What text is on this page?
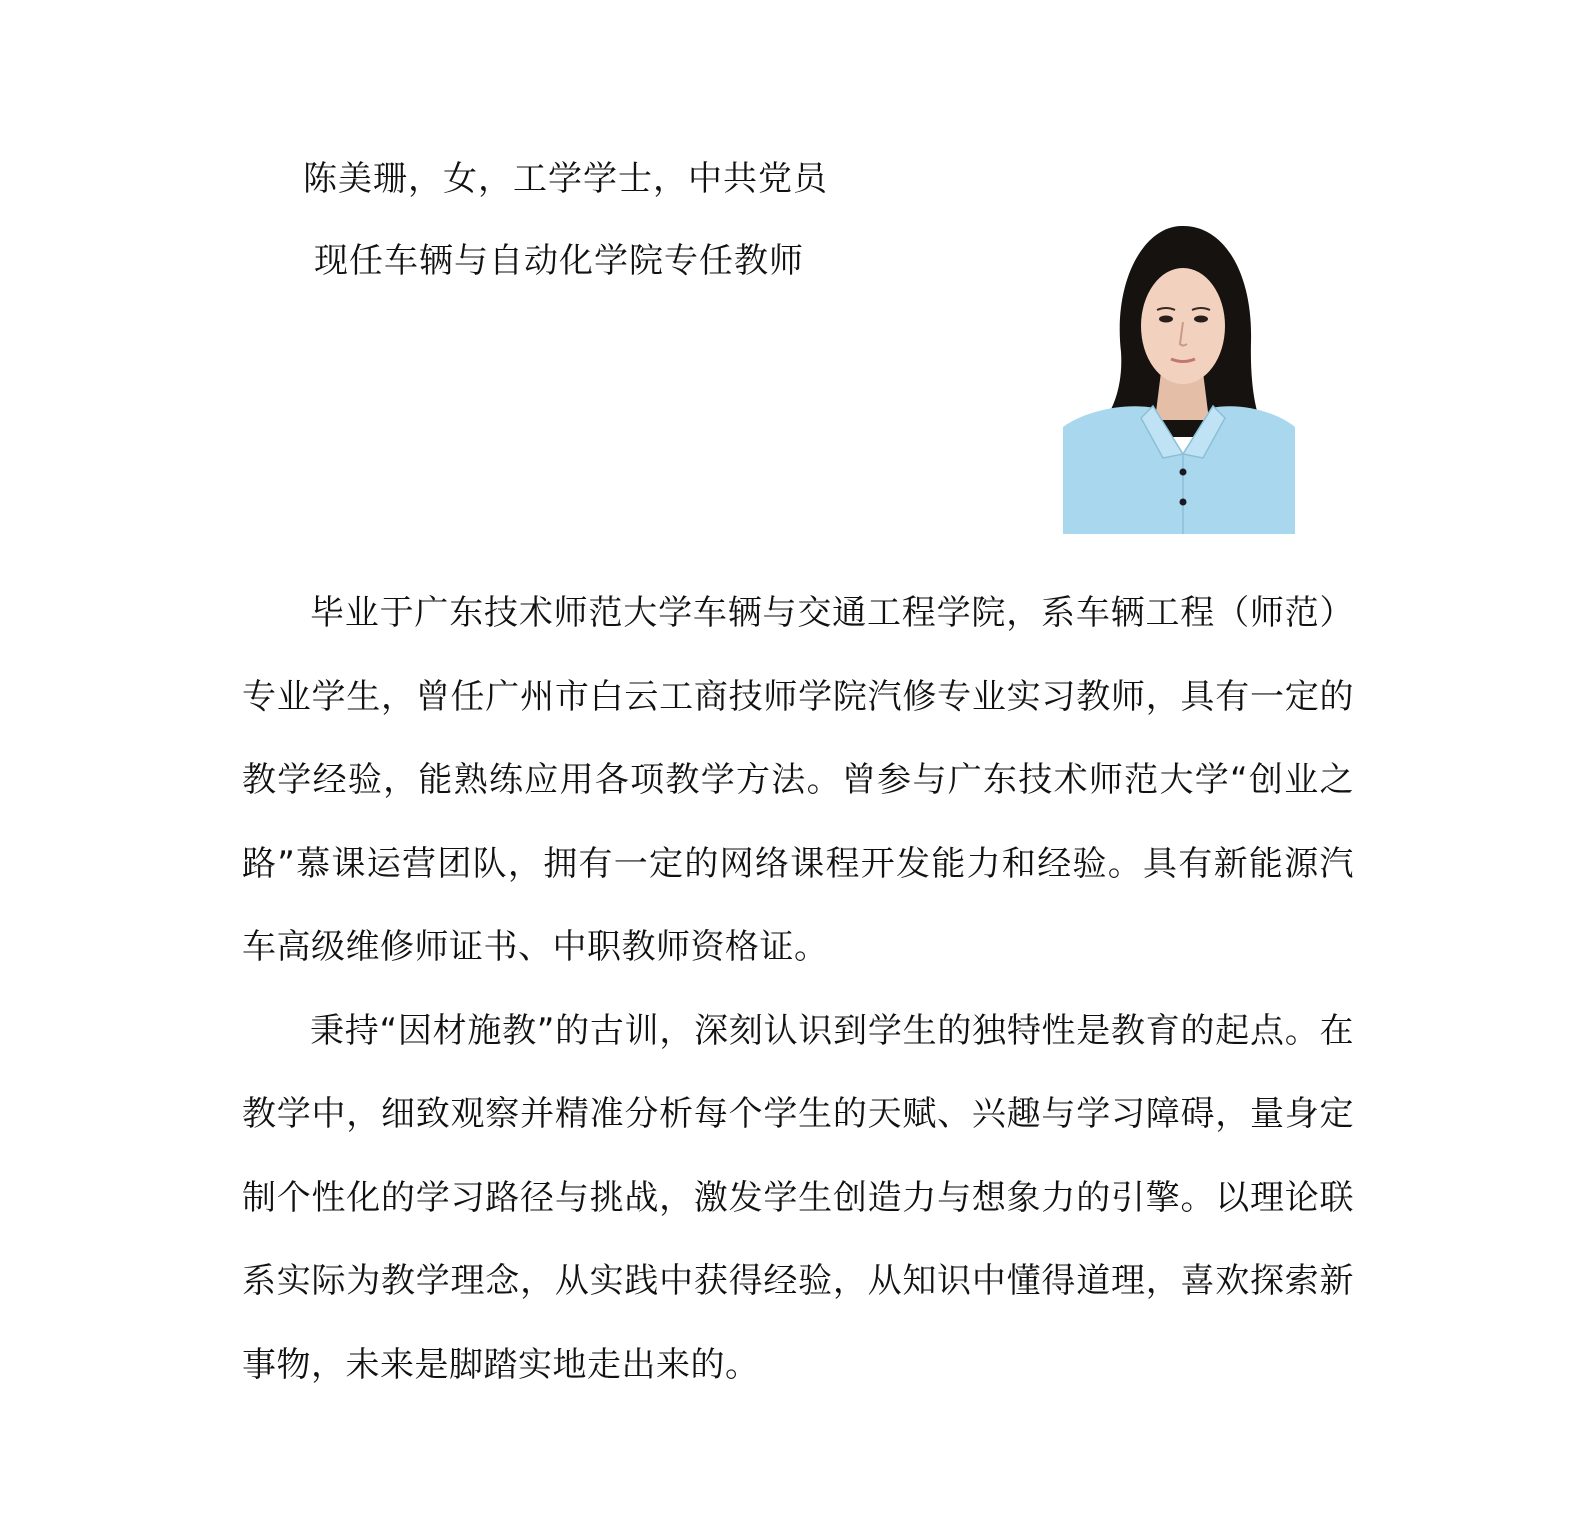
陈美珊，女，工学学士，中共党员
现任车辆与自动化学院专任教师

毕业于广东技术师范大学车辆与交通工程学院，系车辆工程（师范）专业学生，曾任广州市白云工商技师学院汽修专业实习教师，具有一定的教学经验，能熟练应用各项教学方法。曾参与广东技术师范大学“创业之路”慕课运营团队，拥有一定的网络课程开发能力和经验。具有新能源汽车高级维修师证书、中职教师资格证。

秉持“因材施教”的古训，深刻认识到学生的独特性是教育的起点。在教学中，细致观察并精准分析每个学生的天赋、兴趣与学习障碍，量身定制个性化的学习路径与挑战，激发学生创造力与想象力的引擎。以理论联系实际为教学理念，从实践中获得经验，从知识中懂得道理，喜欢探索新事物，未来是脚踏实地走出来的。
